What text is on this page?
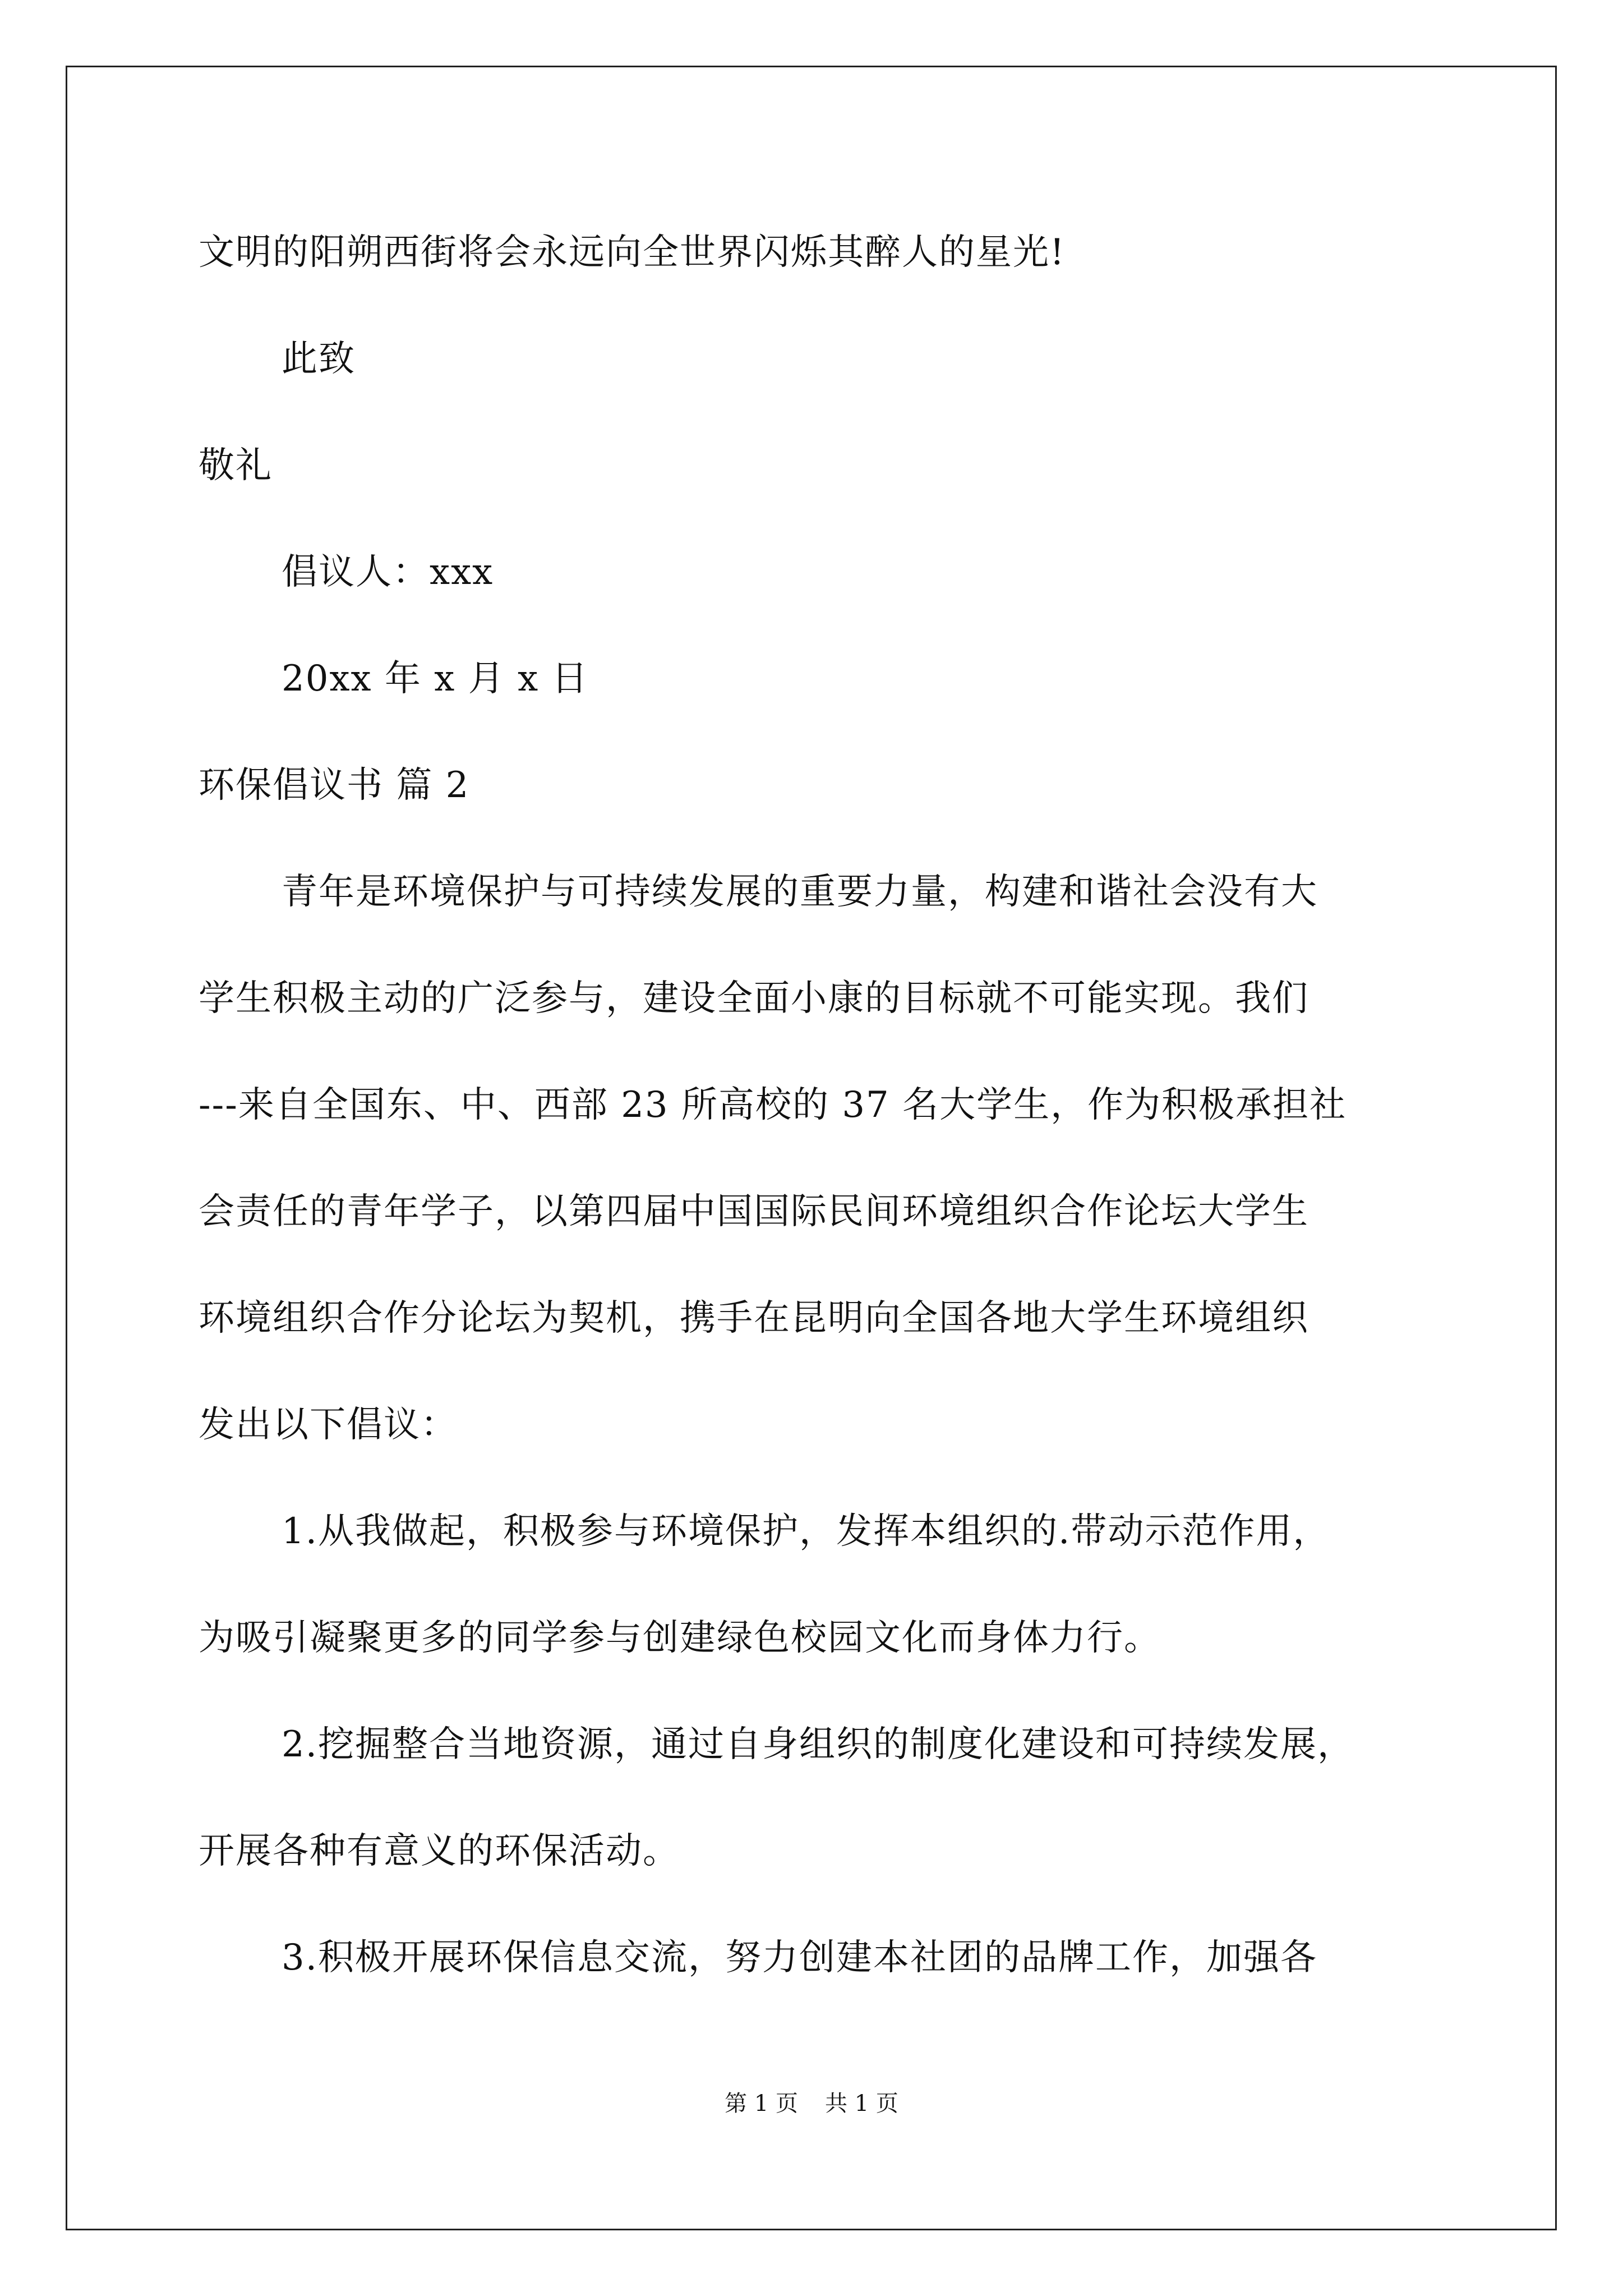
文明的阳朔西街将会永远向全世界闪烁其醉人的星光!
此致
敬礼
倡议人：xxx
20xx 年 x 月 x 日
环保倡议书 篇 2
青年是环境保护与可持续发展的重要力量，构建和谐社会没有大
学生积极主动的广泛参与，建设全面小康的目标就不可能实现。我们
---来自全国东、中、西部 23 所高校的 37 名大学生，作为积极承担社
会责任的青年学子，以第四届中国国际民间环境组织合作论坛大学生
环境组织合作分论坛为契机，携手在昆明向全国各地大学生环境组织
发出以下倡议：
1.从我做起，积极参与环境保护，发挥本组织的.带动示范作用，
为吸引凝聚更多的同学参与创建绿色校园文化而身体力行。
2.挖掘整合当地资源，通过自身组织的制度化建设和可持续发展，
开展各种有意义的环保活动。
3.积极开展环保信息交流，努力创建本社团的品牌工作，加强各
第 1 页 共 1 页
